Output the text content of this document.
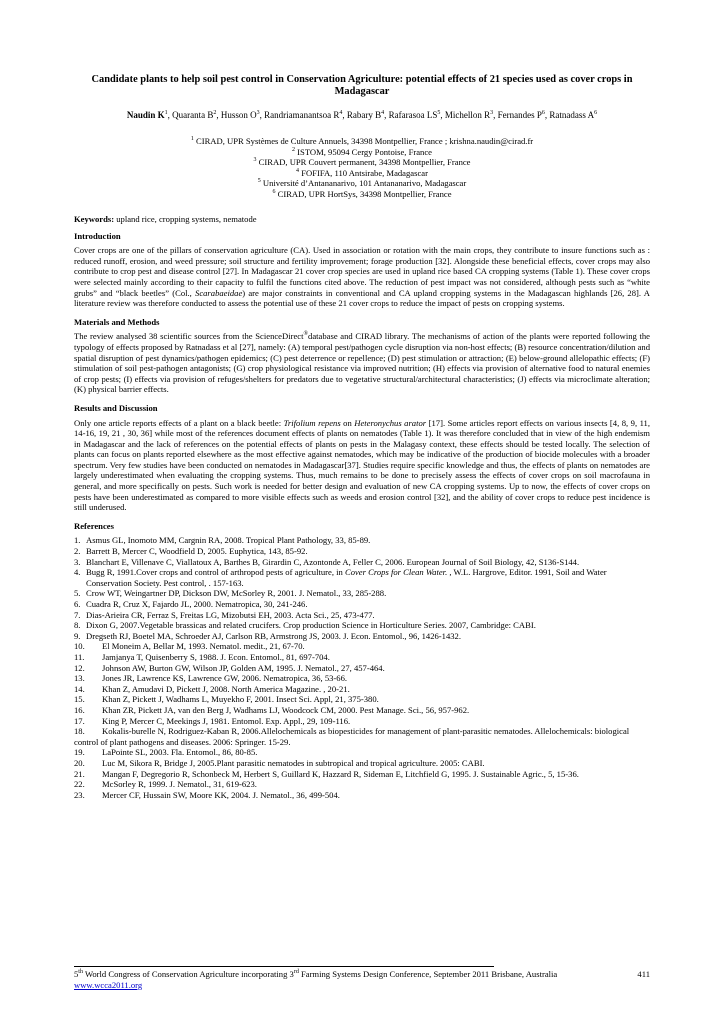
Candidate plants to help soil pest control in Conservation Agriculture: potential effects of 21 species used as cover crops in Madagascar
Naudin $K^1$, Quaranta $B^2$, Husson $O^3$, Randriamanantsoa $R^4$, Rabary $B^4$, Rafarasoa $LS^5$, Michellon $R^3$, Fernandes $P^6$, Ratnadass $A^6$
$^1$ CIRAD, UPR Systèmes de Culture Annuels, 34398 Montpellier, France ; krishna.naudin@cirad.fr
$^2$ ISTOM, 95094 Cergy Pontoise, France
$^3$ CIRAD, UPR Couvert permanent, 34398 Montpellier, France
$^4$ FOFIFA, 110 Antsirabe, Madagascar
$^5$ Université d’Antananarivo, 101 Antananarivo, Madagascar
$^6$ CIRAD, UPR HortSys, 34398 Montpellier, France
Keywords: upland rice, cropping systems, nematode
Introduction

Cover crops are one of the pillars of conservation agriculture (CA). Used in association or rotation with the main crops, they contribute to insure functions such as : reduced runoff, erosion, and weed pressure; soil structure and fertility improvement; forage production [32]. Alongside these beneficial effects, cover crops may also contribute to crop pest and disease control [27]. In Madagascar 21 cover crop species are used in upland rice based CA cropping systems (Table 1). These cover crops were selected mainly according to their capacity to fulfil the functions cited above. The reduction of pest impact was not considered, although pests such as “white grubs” and “black beetles” (Col., Scarabaeidae) are major constraints in conventional and CA upland cropping systems in the Madagascan highlands [26, 28]. A literature review was therefore conducted to assess the potential use of these 21 cover crops to reduce the impact of pests on cropping systems.

Materials and Methods

The review analysed 38 scientific sources from the ScienceDirect®database and CIRAD library. The mechanisms of action of the plants were reported following the typology of effects proposed by Ratnadass et al [27], namely: (A) temporal pest/pathogen cycle disruption via non-host effects; (B) resource concentration/dilution and spatial disruption of pest dynamics/pathogen epidemics; (C) pest deterrence or repellence; (D) pest stimulation or attraction; (E) below-ground allelopathic effects; (F) stimulation of soil pest-pathogen antagonists; (G) crop physiological resistance via improved nutrition; (H) effects via provision of alternative food to natural enemies of crop pests; (I) effects via provision of refuges/shelters for predators due to vegetative structural/architectural characteristics; (J) effects via microclimate alteration; (K) physical barrier effects.

Results and Discussion

Only one article reports effects of a plant on a black beetle: Trifolium repens on Heteronychus arator [17]. Some articles report effects on various insects [4, 8, 9, 11, 14-16, 19, 21 , 30, 36] while most of the references document effects of plants on nematodes (Table 1). It was therefore concluded that in view of the high endemism in Madagascar and the lack of references on the potential effects of plants on pests in the Malagasy context, these effects should be tested locally. The selection of plants can focus on plants reported elsewhere as the most effective against nematodes, which may be indicative of the production of biocide molecules with a broader spectrum. Very few studies have been conducted on nematodes in Madagascar[37]. Studies require specific knowledge and thus, the effects of plants on nematodes are largely underestimated when evaluating the cropping systems. Thus, much remains to be done to precisely assess the effects of cover crops on soil macrofauna in general, and more specifically on pests. Such work is needed for better design and evaluation of new CA cropping systems. Up to now, the effects of cover crops on pests have been underestimated as compared to more visible effects such as weeds and erosion control [32], and the ability of cover crops to reduce pest incidence is still underused.

References
1. Asmus GL, Inomoto MM, Cargnin RA, 2008. Tropical Plant Pathology, 33, 85-89.
2. Barrett B, Mercer C, Woodfield D, 2005. Euphytica, 143, 85-92.
3. Blanchart E, Villenave C, Viallatoux A, Barthes B, Girardin C, Azontonde A, Feller C, 2006. European Journal of Soil Biology, 42, S136-S144.
4. Bugg R, 1991.Cover crops and control of arthropod pests of agriculture, in Cover Crops for Clean Water. , W.L. Hargrove, Editor. 1991, Soil and Water Conservation Society. Pest control, . 157-163.
5. Crow WT, Weingartner DP, Dickson DW, McSorley R, 2001. J. Nematol., 33, 285-288.
6. Cuadra R, Cruz X, Fajardo JL, 2000. Nematropica, 30, 241-246.
7. Dias-Arieira CR, Ferraz S, Freitas LG, Mizobutsi EH, 2003. Acta Sci., 25, 473-477.
8. Dixon G, 2007.Vegetable brassicas and related crucifers. Crop production Science in Horticulture Series. 2007, Cambridge: CABI.
9. Dregseth RJ, Boetel MA, Schroeder AJ, Carlson RB, Armstrong JS, 2003. J. Econ. Entomol., 96, 1426-1432.
10. El Moneim A, Bellar M, 1993. Nematol. medit., 21, 67-70.
11. Jamjanya T, Quisenberry S, 1988. J. Econ. Entomol., 81, 697-704.
12. Johnson AW, Burton GW, Wilson JP, Golden AM, 1995. J. Nematol., 27, 457-464.
13. Jones JR, Lawrence KS, Lawrence GW, 2006. Nematropica, 36, 53-66.
14. Khan Z, Amudavi D, Pickett J, 2008. North America Magazine. , 20-21.
15. Khan Z, Pickett J, Wadhams L, Muyekho F, 2001. Insect Sci. Appl, 21, 375-380.
16. Khan ZR, Pickett JA, van den Berg J, Wadhams LJ, Woodcock CM, 2000. Pest Manage. Sci., 56, 957-962.
17. King P, Mercer C, Meekings J, 1981. Entomol. Exp. Appl., 29, 109-116.
18. Kokalis-burelle N, Rodriguez-Kaban R, 2006.Allelochemicals as biopesticides for management of plant-parasitic nematodes. Allelochemicals: biological control of plant pathogens and diseases. 2006: Springer. 15-29.
19. LaPointe SL, 2003. Fla. Entomol., 86, 80-85.
20. Luc M, Sikora R, Bridge J, 2005.Plant parasitic nematodes in subtropical and tropical agriculture. 2005: CABI.
21. Mangan F, Degregorio R, Schonbeck M, Herbert S, Guillard K, Hazzard R, Sideman E, Litchfield G, 1995. J. Sustainable Agric., 5, 15-36.
22. McSorley R, 1999. J. Nematol., 31, 619-623.
23. Mercer CF, Hussain SW, Moore KK, 2004. J. Nematol., 36, 499-504.
5th World Congress of Conservation Agriculture incorporating 3rd Farming Systems Design Conference, September 2011 Brisbane, Australia www.wcca2011.org
411
